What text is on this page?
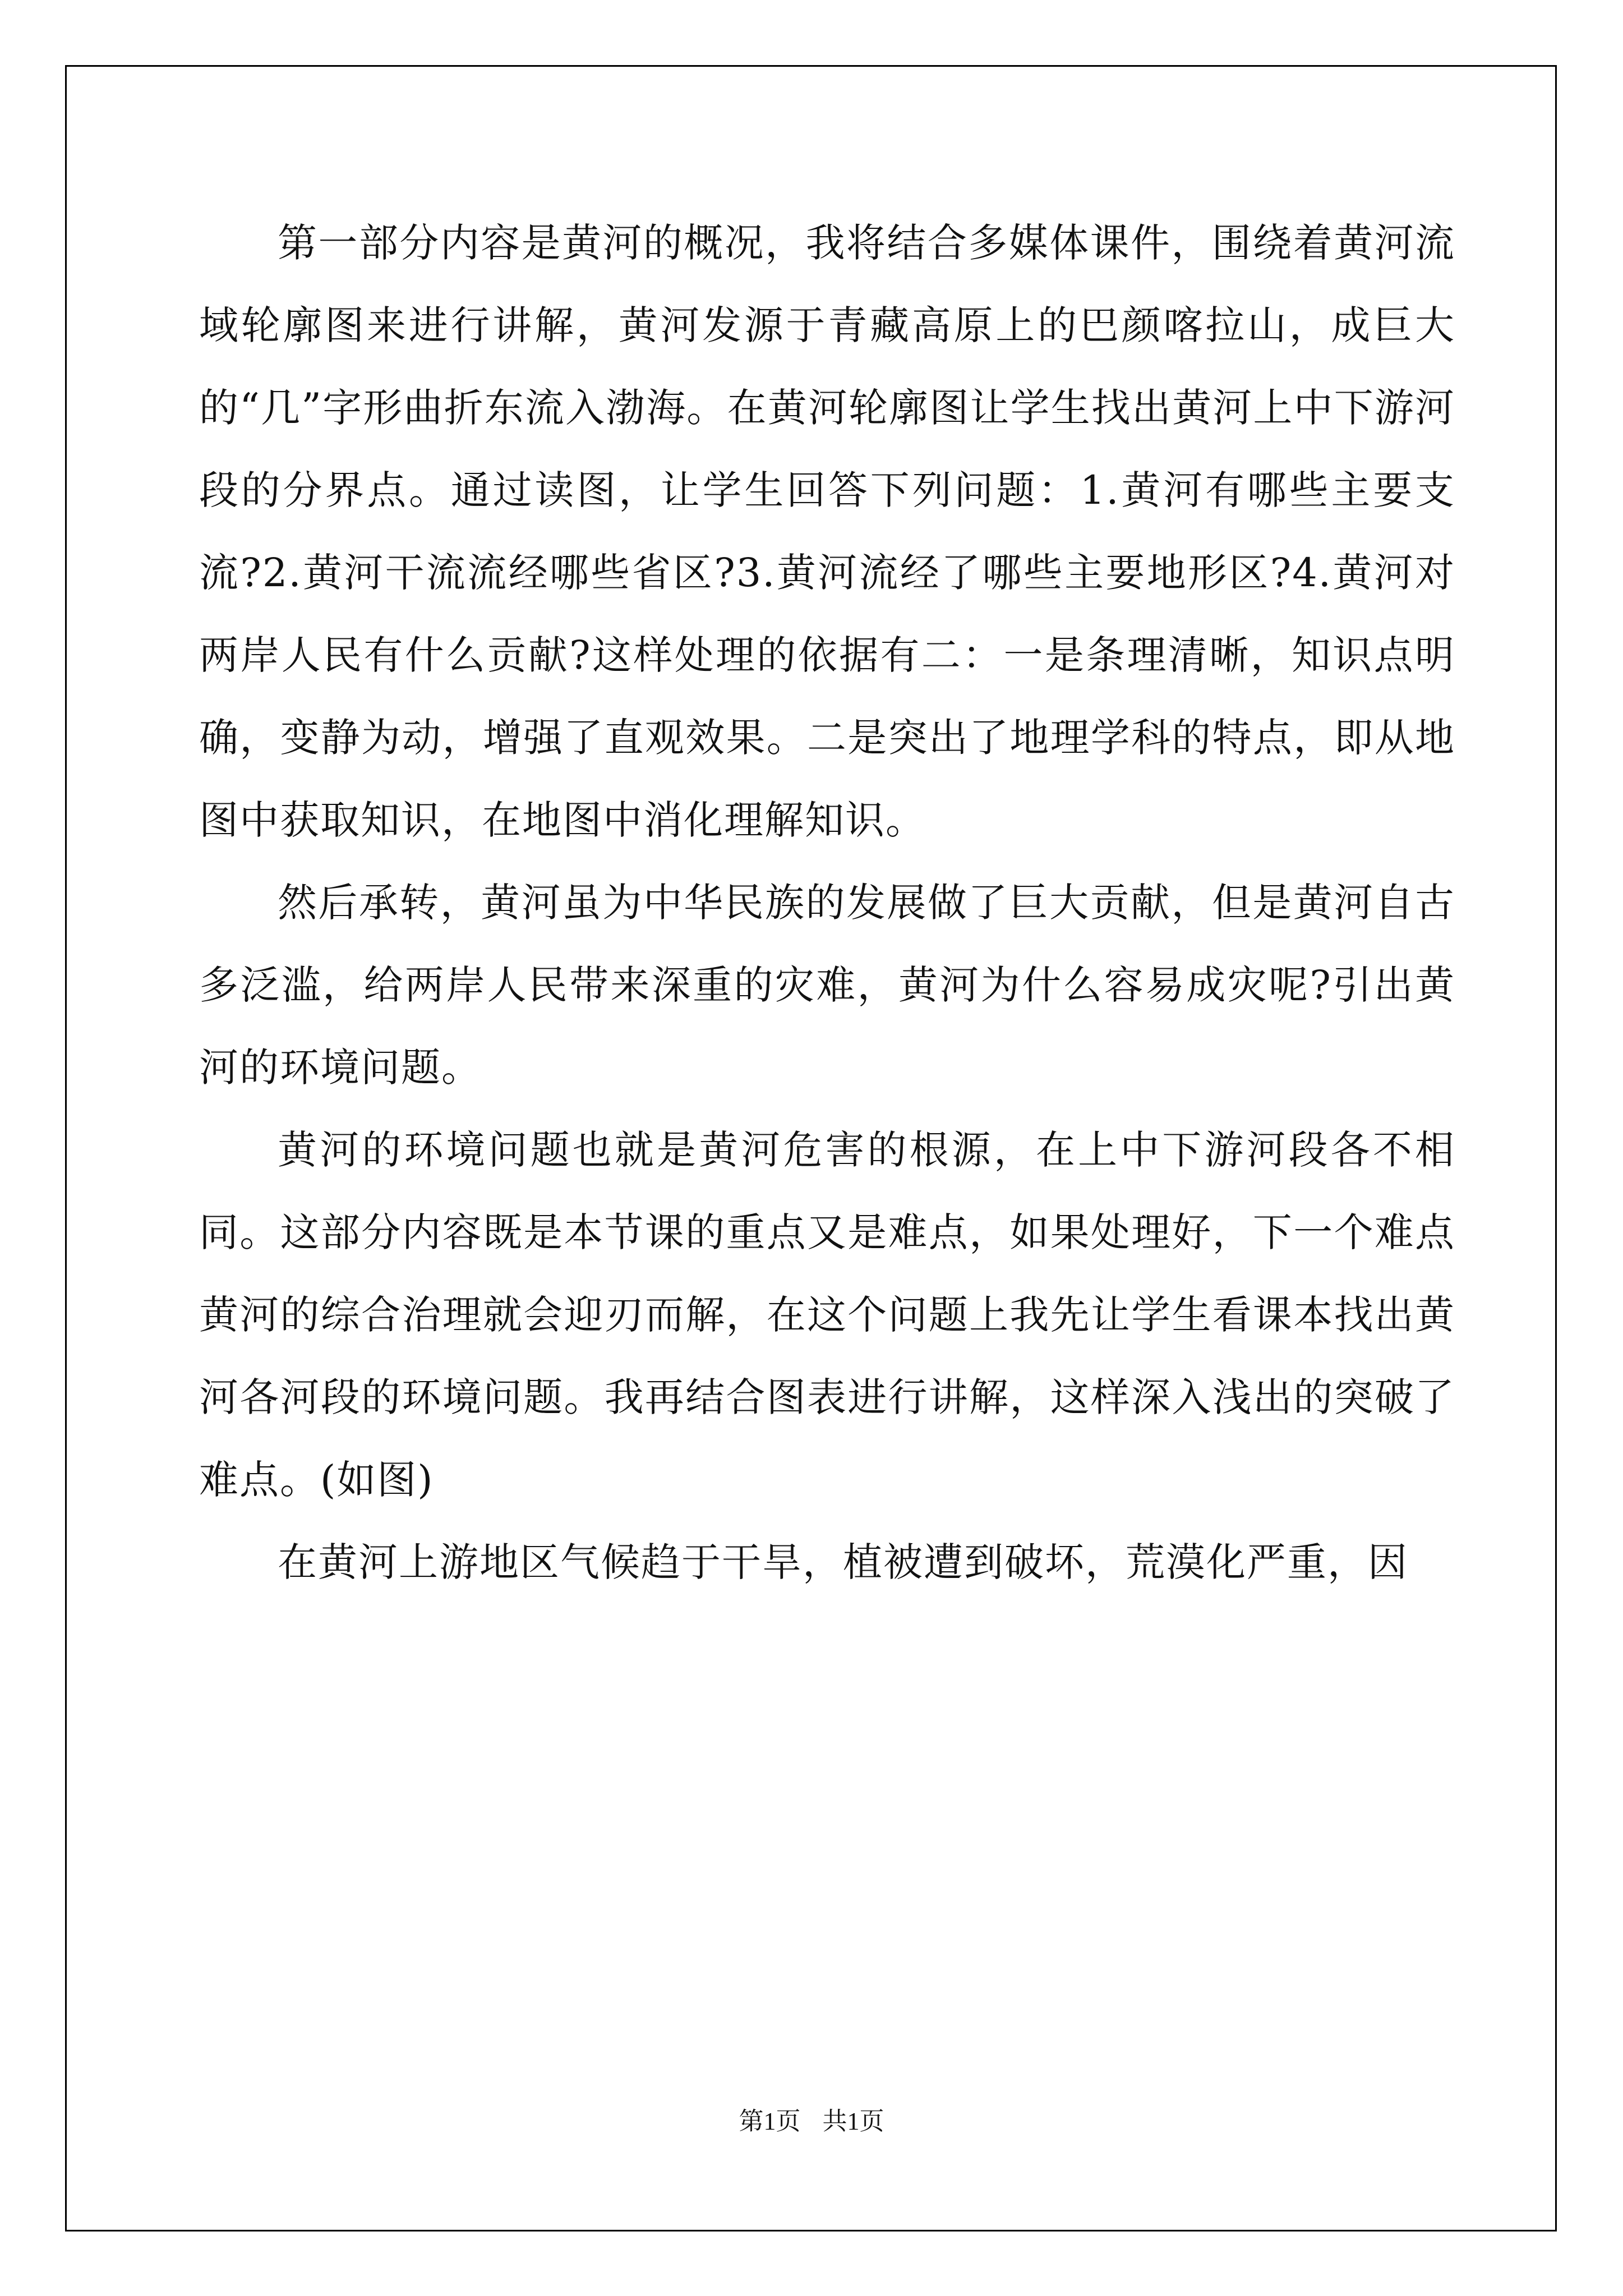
第一部分内容是黄河的概况，我将结合多媒体课件，围绕着黄河流域轮廓图来进行讲解，黄河发源于青藏高原上的巴颜喀拉山，成巨大的“几”字形曲折东流入渤海。在黄河轮廓图让学生找出黄河上中下游河段的分界点。通过读图，让学生回答下列问题：1.黄河有哪些主要支流?2.黄河干流流经哪些省区?3.黄河流经了哪些主要地形区?4.黄河对两岸人民有什么贡献?这样处理的依据有二：一是条理清晰，知识点明确，变静为动，增强了直观效果。二是突出了地理学科的特点，即从地图中获取知识，在地图中消化理解知识。

然后承转，黄河虽为中华民族的发展做了巨大贡献，但是黄河自古多泛滥，给两岸人民带来深重的灾难，黄河为什么容易成灾呢?引出黄河的环境问题。

黄河的环境问题也就是黄河危害的根源，在上中下游河段各不相同。这部分内容既是本节课的重点又是难点，如果处理好，下一个难点黄河的综合治理就会迎刃而解，在这个问题上我先让学生看课本找出黄河各河段的环境问题。我再结合图表进行讲解，这样深入浅出的突破了难点。(如图)

在黄河上游地区气候趋于干旱，植被遭到破坏，荒漠化严重，因

第1页 共1页
